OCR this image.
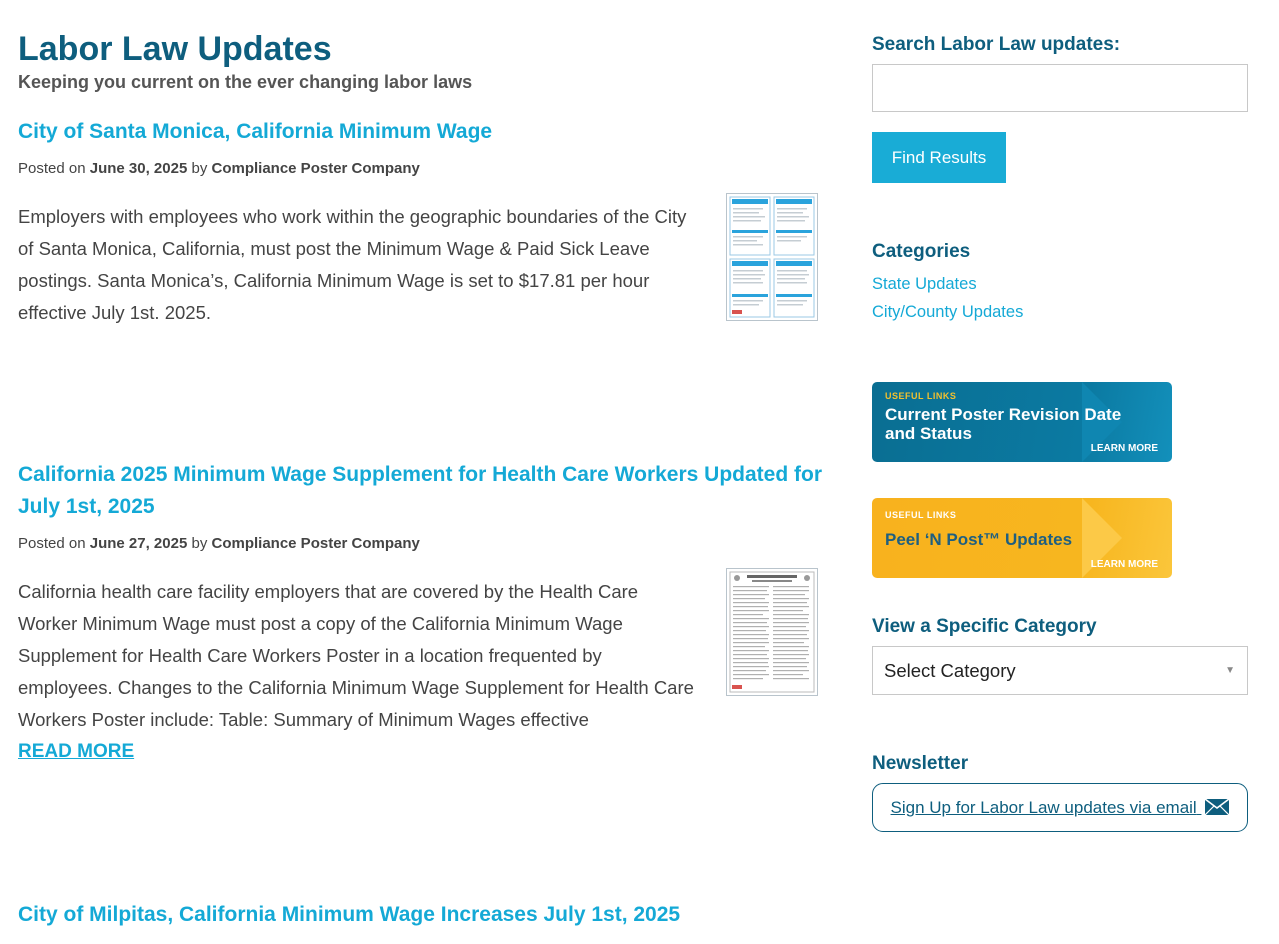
Labor Law Updates

Keeping you current on the ever changing labor laws

City of Santa Monica, California Minimum Wage
Posted on June 30, 2025 by Compliance Poster Company

Employers with employees who work within the geographic boundaries of the City of Santa Monica, California, must post the Minimum Wage & Paid Sick Leave postings. Santa Monica’s, California Minimum Wage is set to $17.81 per hour effective July 1st. 2025.

California 2025 Minimum Wage Supplement for Health Care Workers Updated for July 1st, 2025
Posted on June 27, 2025 by Compliance Poster Company

California health care facility employers that are covered by the Health Care Worker Minimum Wage must post a copy of the California Minimum Wage Supplement for Health Care Workers Poster in a location frequented by employees. Changes to the California Minimum Wage Supplement for Health Care Workers Poster include: Table: Summary of Minimum Wages effective

READ MORE
City of Milpitas, California Minimum Wage Increases July 1st, 2025
Search Labor Law updates:
Find Results
Categories
State Updates
City/County Updates
USEFUL LINKS
Current Poster Revision Date and Status
LEARN MORE
USEFUL LINKS
Peel ‘N Post™ Updates
LEARN MORE
View a Specific Category
Select Category	▼
Newsletter
Sign Up for Labor Law updates via email
